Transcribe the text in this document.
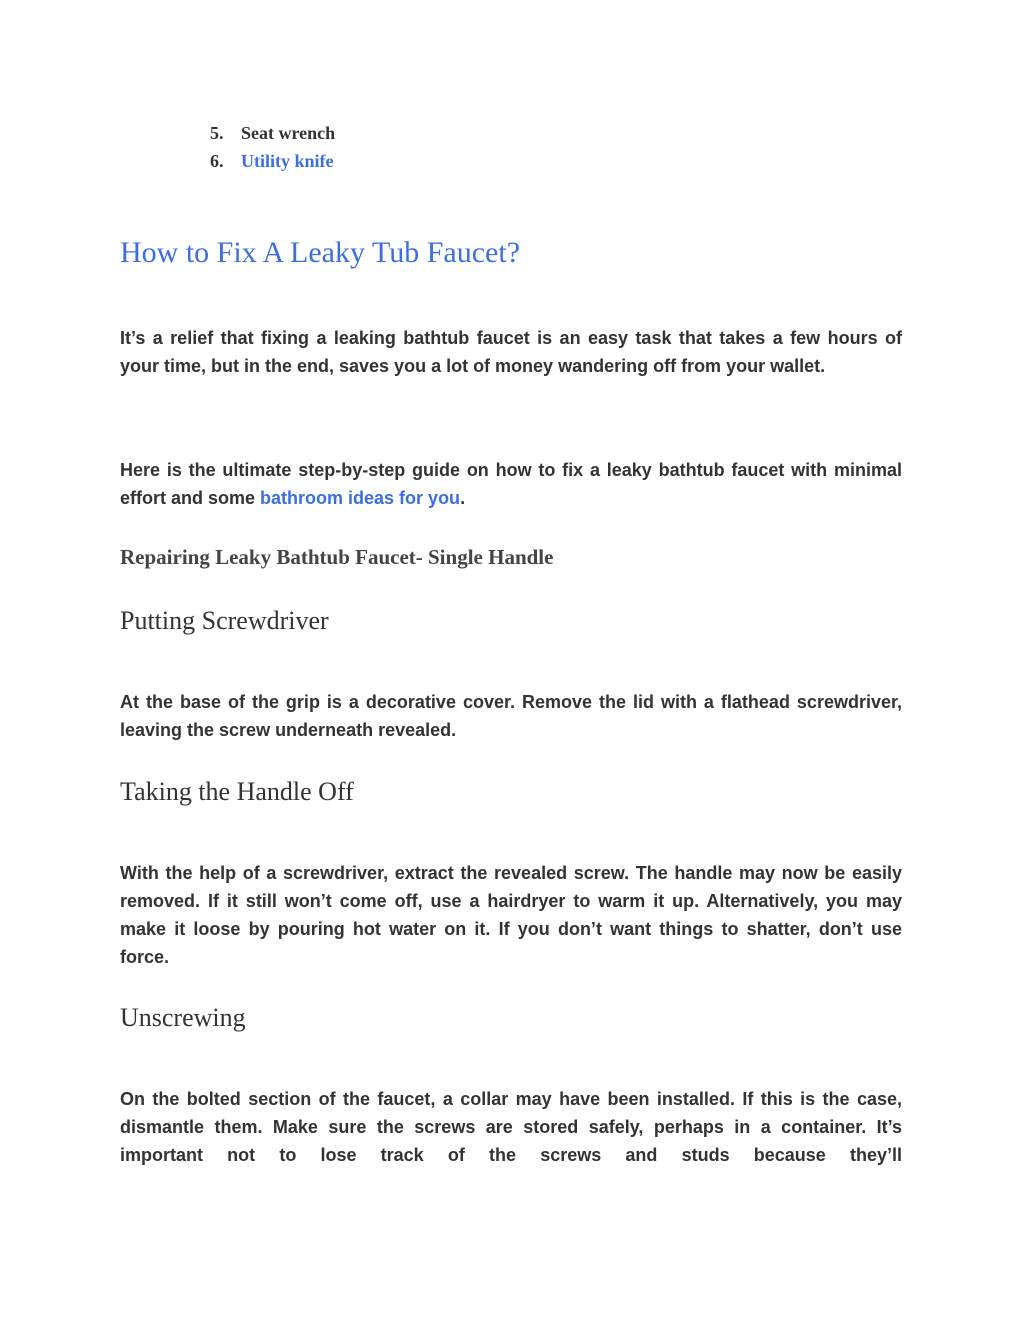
5. Seat wrench
6. Utility knife
How to Fix A Leaky Tub Faucet?

It’s a relief that fixing a leaking bathtub faucet is an easy task that takes a few hours of your time, but in the end, saves you a lot of money wandering off from your wallet.

Here is the ultimate step-by-step guide on how to fix a leaky bathtub faucet with minimal effort and some bathroom ideas for you.

Repairing Leaky Bathtub Faucet- Single Handle
Putting Screwdriver

At the base of the grip is a decorative cover. Remove the lid with a flathead screwdriver, leaving the screw underneath revealed.

Taking the Handle Off

With the help of a screwdriver, extract the revealed screw. The handle may now be easily removed. If it still won’t come off, use a hairdryer to warm it up. Alternatively, you may make it loose by pouring hot water on it. If you don’t want things to shatter, don’t use force.

Unscrewing

On the bolted section of the faucet, a collar may have been installed. If this is the case, dismantle them. Make sure the screws are stored safely, perhaps in a container. It’s important not to lose track of the screws and studs because they’ll
